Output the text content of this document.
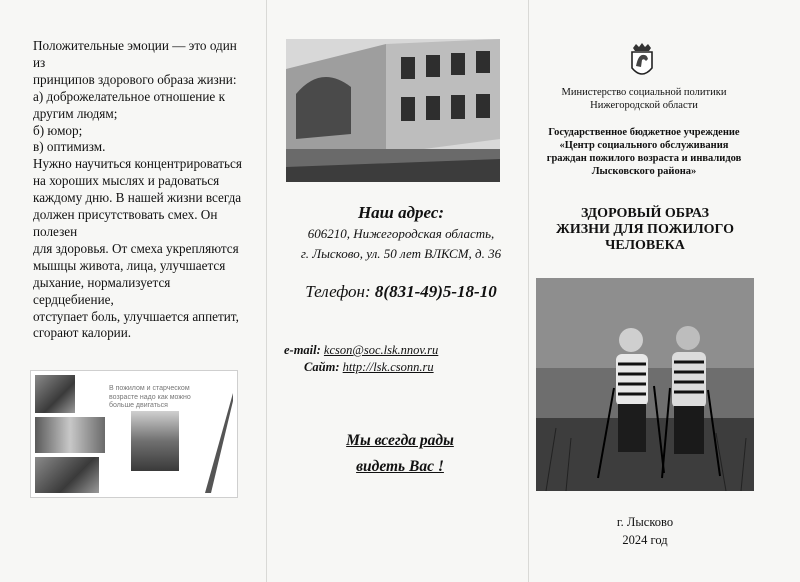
Положительные эмоции — это один
из
принципов здорового образа жизни:
а) доброжелательное отношение к
другим людям;
б) юмор;
в) оптимизм.
Нужно научиться концентрироваться
на хороших мыслях и радоваться
каждому дню. В нашей жизни всегда
должен присутствовать смех. Он
полезен
для здоровья. От смеха укрепляются
мышцы живота, лица, улучшается
дыхание, нормализуется
сердцебиение,
отступает боль, улучшается аппетит,
сгорают калории.
В пожилом и старческом
возрасте надо как можно
больше двигаться
Наш адрес:
606210, Нижегородская область,
г. Лысково, ул. 50 лет ВЛКСМ, д. 36
Телефон: 8(831-49)5-18-10
e-mail: kcson@soc.lsk.nnov.ru
Сайт: http://lsk.csonn.ru
Мы всегда рады
видеть Вас !
Министерство социальной политики
Нижегородской области
Государственное бюджетное учреждение
«Центр социального обслуживания
граждан пожилого возраста и инвалидов
Лысковского района»
ЗДОРОВЫЙ ОБРАЗ
ЖИЗНИ ДЛЯ ПОЖИЛОГО
ЧЕЛОВЕКА
г. Лысково
2024 год
